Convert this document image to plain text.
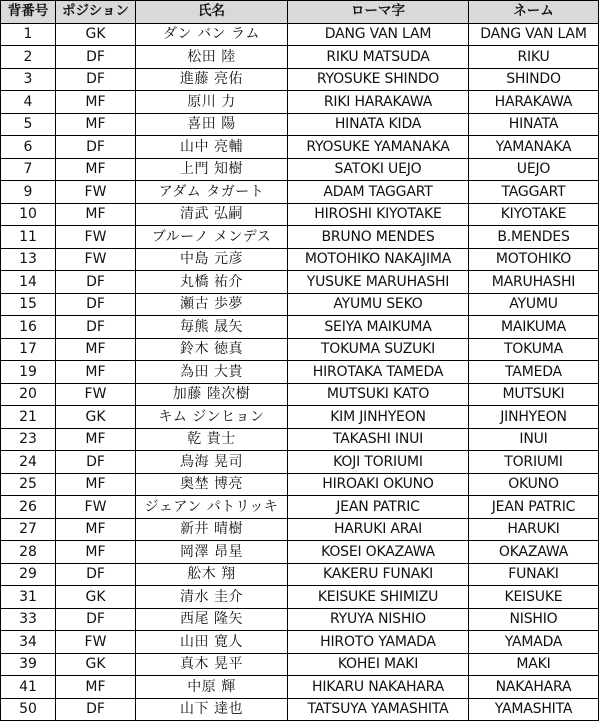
背番号	ポジション	氏名	ローマ字	ネーム
1	GK	ダン バン ラム	DANG VAN LAM	DANG VAN LAM
2	DF	松田 陸	RIKU MATSUDA	RIKU
3	DF	進藤 亮佑	RYOSUKE SHINDO	SHINDO
4	MF	原川 力	RIKI HARAKAWA	HARAKAWA
5	MF	喜田 陽	HINATA KIDA	HINATA
6	DF	山中 亮輔	RYOSUKE YAMANAKA	YAMANAKA
7	MF	上門 知樹	SATOKI UEJO	UEJO
9	FW	アダム タガート	ADAM TAGGART	TAGGART
10	MF	清武 弘嗣	HIROSHI KIYOTAKE	KIYOTAKE
11	FW	ブルーノ メンデス	BRUNO MENDES	B.MENDES
13	FW	中島 元彦	MOTOHIKO NAKAJIMA	MOTOHIKO
14	DF	丸橋 祐介	YUSUKE MARUHASHI	MARUHASHI
15	DF	瀬古 歩夢	AYUMU SEKO	AYUMU
16	DF	毎熊 晟矢	SEIYA MAIKUMA	MAIKUMA
17	MF	鈴木 徳真	TOKUMA SUZUKI	TOKUMA
19	MF	為田 大貴	HIROTAKA TAMEDA	TAMEDA
20	FW	加藤 陸次樹	MUTSUKI KATO	MUTSUKI
21	GK	キム ジンヒョン	KIM JINHYEON	JINHYEON
23	MF	乾 貴士	TAKASHI INUI	INUI
24	DF	鳥海 晃司	KOJI TORIUMI	TORIUMI
25	MF	奥埜 博亮	HIROAKI OKUNO	OKUNO
26	FW	ジェアン パトリッキ	JEAN PATRIC	JEAN PATRIC
27	MF	新井 晴樹	HARUKI ARAI	HARUKI
28	MF	岡澤 昂星	KOSEI OKAZAWA	OKAZAWA
29	DF	舩木 翔	KAKERU FUNAKI	FUNAKI
31	GK	清水 圭介	KEISUKE SHIMIZU	KEISUKE
33	DF	西尾 隆矢	RYUYA NISHIO	NISHIO
34	FW	山田 寛人	HIROTO YAMADA	YAMADA
39	GK	真木 晃平	KOHEI MAKI	MAKI
41	MF	中原 輝	HIKARU NAKAHARA	NAKAHARA
50	DF	山下 達也	TATSUYA YAMASHITA	YAMASHITA
